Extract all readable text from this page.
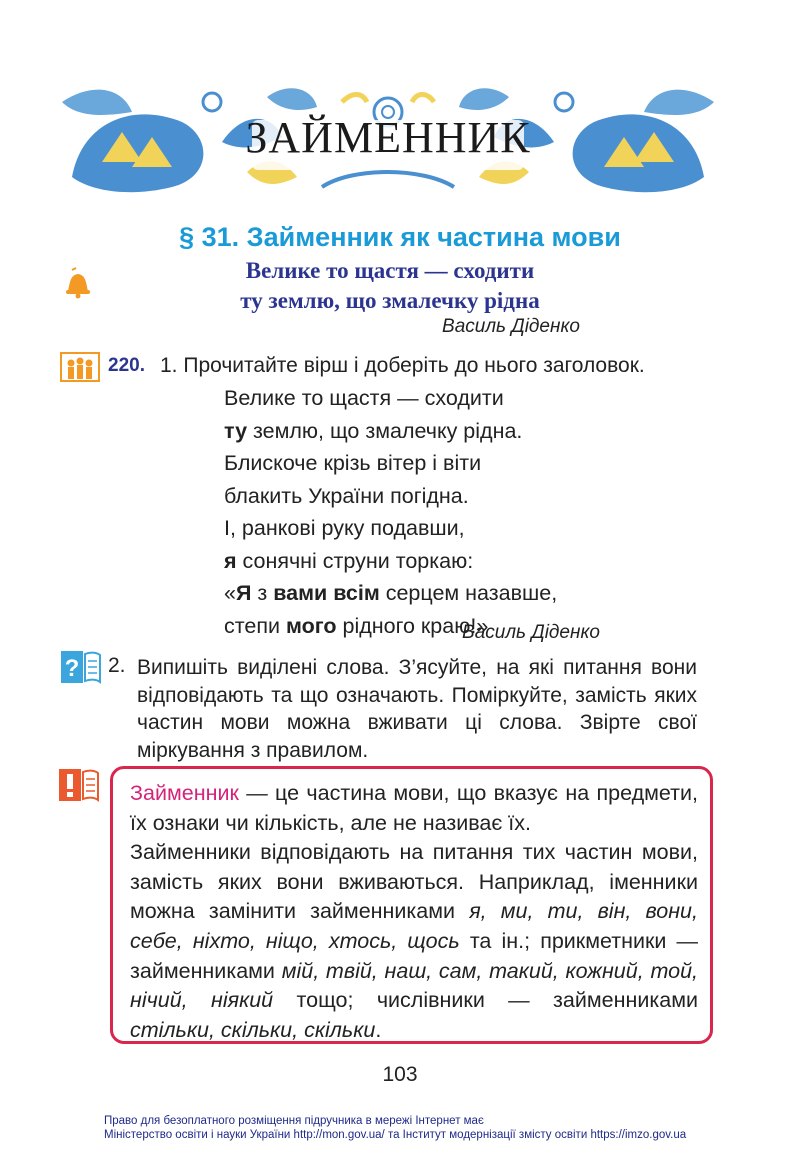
ЗАЙМЕННИК
§ 31. Займенник як частина мови
Велике то щастя — сходити
ту землю, що змалечку рідна
Василь Діденко
220. 1. Прочитайте вірш і доберіть до нього заголовок.
Велике то щастя — сходити
ту землю, що змалечку рідна.
Блискоче крізь вітер і віти
блакить України погідна.
І, ранкові руку подавши,
я сонячні струни торкаю:
«Я з вами всім серцем назавше,
степи мого рідного краю!»
Василь Діденко
? 2. Випишіть виділені слова. З’ясуйте, на які питання вони відповідають та що означають. Поміркуйте, замість яких частин мови можна вживати ці слова. Звірте свої міркування з правилом.
Займенник — це частина мови, що вказує на предмети, їх ознаки чи кількість, але не називає їх.
Займенники відповідають на питання тих частин мови, замість яких вони вживаються. Наприклад, іменники можна замінити займенниками я, ми, ти, він, вони, себе, ніхто, ніщо, хтось, щось та ін.; прикметники — займенниками мій, твій, наш, сам, такий, кожний, той, нічий, ніякий тощо; числівники — займенниками стільки, скільки, скільки.
103
Право для безоплатного розміщення підручника в мережі Інтернет має
Міністерство освіти і науки України http://mon.gov.ua/ та Інститут модернізації змісту освіти https://imzo.gov.ua
